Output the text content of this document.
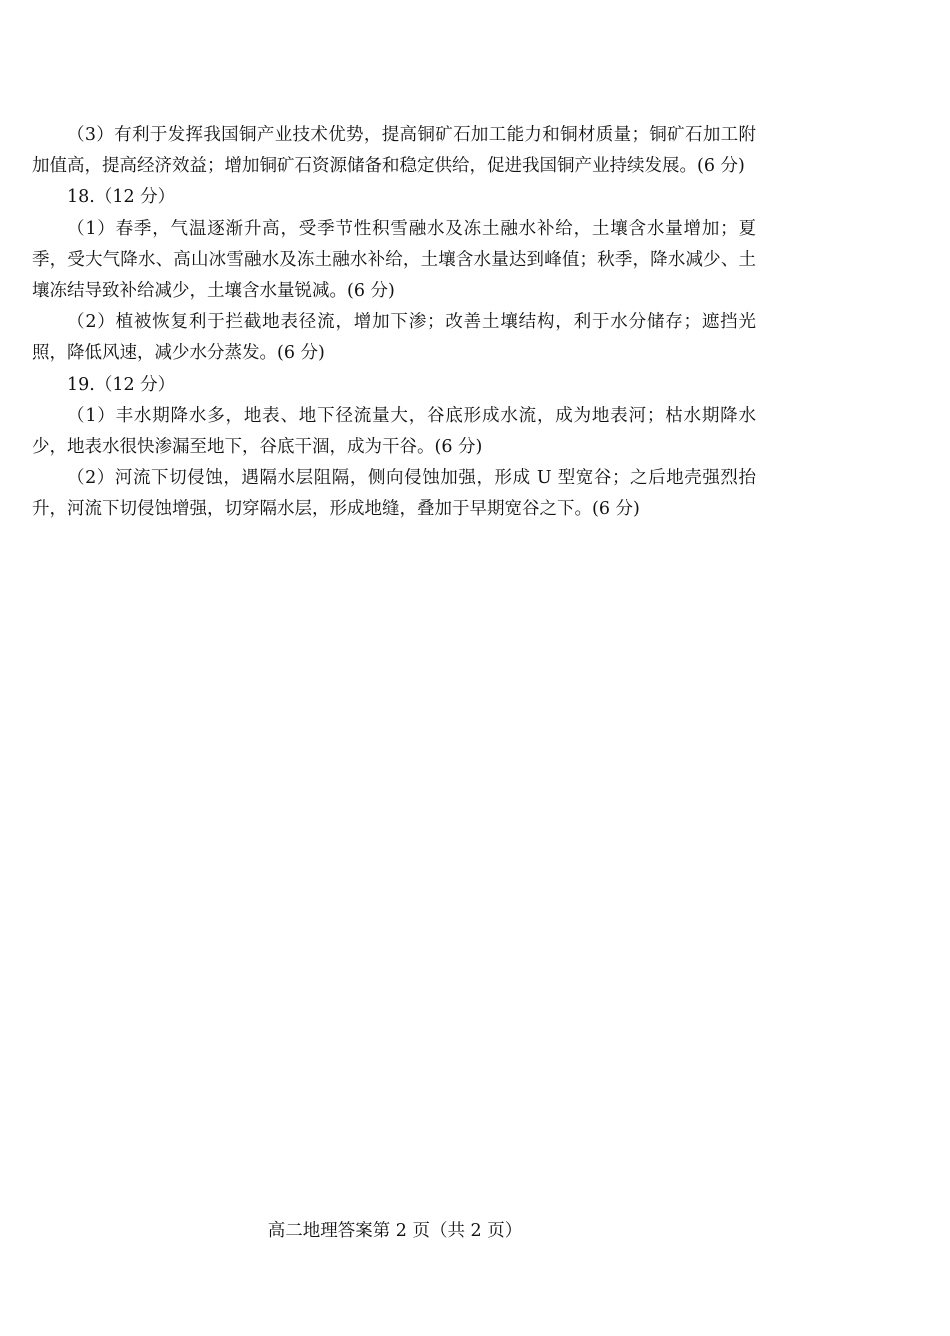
（3）有利于发挥我国铜产业技术优势，提高铜矿石加工能力和铜材质量；铜矿石加工附加值高，提高经济效益；增加铜矿石资源储备和稳定供给，促进我国铜产业持续发展。(6 分)

18.（12 分）

（1）春季，气温逐渐升高，受季节性积雪融水及冻土融水补给，土壤含水量增加；夏季，受大气降水、高山冰雪融水及冻土融水补给，土壤含水量达到峰值；秋季，降水减少、土壤冻结导致补给减少，土壤含水量锐减。(6 分)

（2）植被恢复利于拦截地表径流，增加下渗；改善土壤结构，利于水分储存；遮挡光照，降低风速，减少水分蒸发。(6 分)

19.（12 分）

（1）丰水期降水多，地表、地下径流量大，谷底形成水流，成为地表河；枯水期降水少，地表水很快渗漏至地下，谷底干涸，成为干谷。(6 分)

（2）河流下切侵蚀，遇隔水层阻隔，侧向侵蚀加强，形成 U 型宽谷；之后地壳强烈抬升，河流下切侵蚀增强，切穿隔水层，形成地缝，叠加于早期宽谷之下。(6 分)

高二地理答案第 2 页（共 2 页）
